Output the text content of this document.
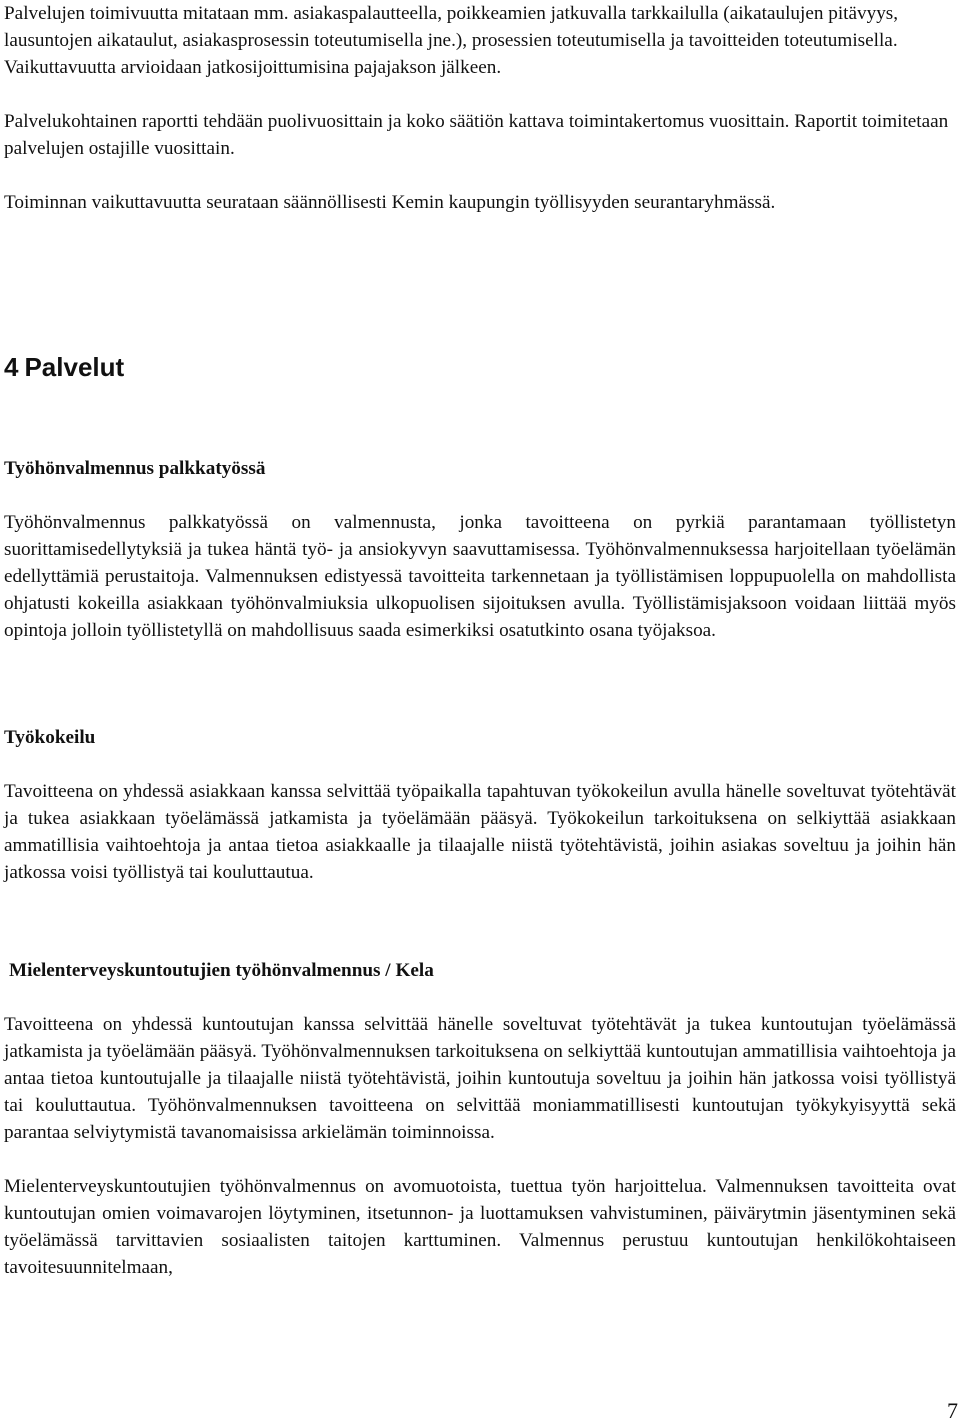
Palvelujen toimivuutta mitataan mm. asiakaspalautteella, poikkeamien jatkuvalla tarkkailulla (aikataulujen pitävyys, lausuntojen aikataulut, asiakasprosessin toteutumisella jne.), prosessien toteutumisella ja tavoitteiden toteutumisella. Vaikuttavuutta arvioidaan jatkosijoittumisina pajajakson jälkeen.

Palvelukohtainen raportti tehdään puolivuosittain ja koko säätiön kattava toimintakertomus vuosittain. Raportit toimitetaan palvelujen ostajille vuosittain.

Toiminnan vaikuttavuutta seurataan säännöllisesti Kemin kaupungin työllisyyden seurantaryhmässä.

4 Palvelut
Työhönvalmennus palkkatyössä

Työhönvalmennus palkkatyössä on valmennusta, jonka tavoitteena on pyrkiä parantamaan työllistetyn suorittamisedellytyksiä ja tukea häntä työ- ja ansiokyvyn saavuttamisessa. Työhönvalmennuksessa harjoitellaan työelämän edellyttämiä perustaitoja. Valmennuksen edistyessä tavoitteita tarkennetaan ja työllistämisen loppupuolella on mahdollista ohjatusti kokeilla asiakkaan työhönvalmiuksia ulkopuolisen sijoituksen avulla. Työllistämisjaksoon voidaan liittää myös opintoja jolloin työllistetyllä on mahdollisuus saada esimerkiksi osatutkinto osana työjaksoa.

Työkokeilu

Tavoitteena on yhdessä asiakkaan kanssa selvittää työpaikalla tapahtuvan työkokeilun avulla hänelle soveltuvat työtehtävät ja tukea asiakkaan työelämässä jatkamista ja työelämään pääsyä. Työkokeilun tarkoituksena on selkiyttää asiakkaan ammatillisia vaihtoehtoja ja antaa tietoa asiakkaalle ja tilaajalle niistä työtehtävistä, joihin asiakas soveltuu ja joihin hän jatkossa voisi työllistyä tai kouluttautua.

Mielenterveyskuntoutujien työhönvalmennus / Kela

Tavoitteena on yhdessä kuntoutujan kanssa selvittää hänelle soveltuvat työtehtävät ja tukea kuntoutujan työelämässä jatkamista ja työelämään pääsyä. Työhönvalmennuksen tarkoituksena on selkiyttää kuntoutujan ammatillisia vaihtoehtoja ja antaa tietoa kuntoutujalle ja tilaajalle niistä työtehtävistä, joihin kuntoutuja soveltuu ja joihin hän jatkossa voisi työllistyä tai kouluttautua. Työhönvalmennuksen tavoitteena on selvittää moniammatillisesti kuntoutujan työkykyisyyttä sekä parantaa selviytymistä tavanomaisissa arkielämän toiminnoissa.

Mielenterveyskuntoutujien työhönvalmennus on avomuotoista, tuettua työn harjoittelua. Valmennuksen tavoitteita ovat kuntoutujan omien voimavarojen löytyminen, itsetunnon- ja luottamuksen vahvistuminen, päivärytmin jäsentyminen sekä työelämässä tarvittavien sosiaalisten taitojen karttuminen. Valmennus perustuu kuntoutujan henkilökohtaiseen tavoitesuunnitelmaan,

7
